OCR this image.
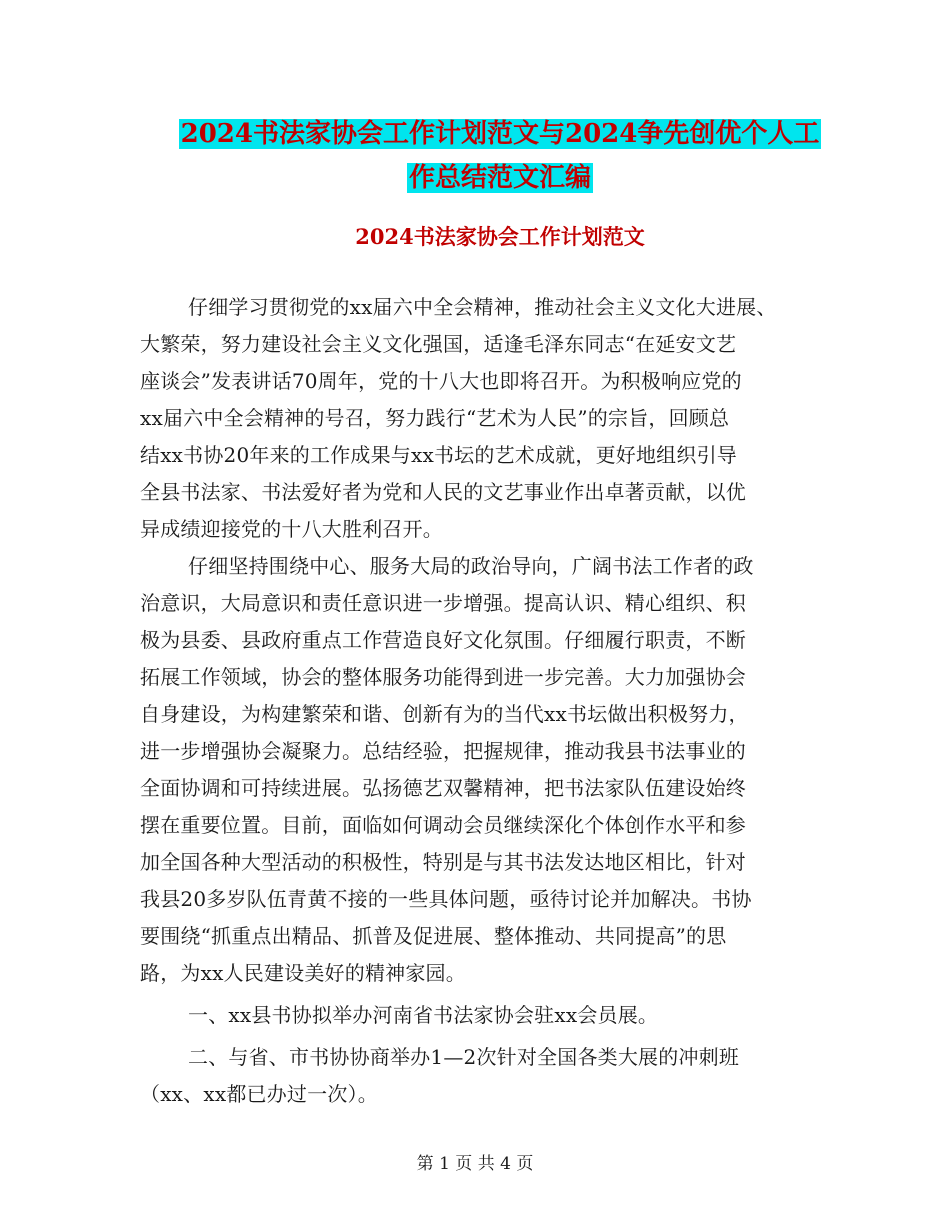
2024书法家协会工作计划范文与2024争先创优个人工
作总结范文汇编
2024书法家协会工作计划范文
仔细学习贯彻党的xx届六中全会精神，推动社会主义文化大进展、
大繁荣，努力建设社会主义文化强国，适逢毛泽东同志“在延安文艺
座谈会”发表讲话70周年，党的十八大也即将召开。为积极响应党的
xx届六中全会精神的号召，努力践行“艺术为人民”的宗旨，回顾总
结xx书协20年来的工作成果与xx书坛的艺术成就，更好地组织引导
全县书法家、书法爱好者为党和人民的文艺事业作出卓著贡献，以优
异成绩迎接党的十八大胜利召开。
仔细坚持围绕中心、服务大局的政治导向，广阔书法工作者的政
治意识，大局意识和责任意识进一步增强。提高认识、精心组织、积
极为县委、县政府重点工作营造良好文化氛围。仔细履行职责，不断
拓展工作领域，协会的整体服务功能得到进一步完善。大力加强协会
自身建设，为构建繁荣和谐、创新有为的当代xx书坛做出积极努力，
进一步增强协会凝聚力。总结经验，把握规律，推动我县书法事业的
全面协调和可持续进展。弘扬德艺双馨精神，把书法家队伍建设始终
摆在重要位置。目前，面临如何调动会员继续深化个体创作水平和参
加全国各种大型活动的积极性，特别是与其书法发达地区相比，针对
我县20多岁队伍青黄不接的一些具体问题，亟待讨论并加解决。书协
要围绕“抓重点出精品、抓普及促进展、整体推动、共同提高”的思
路，为xx人民建设美好的精神家园。
一、xx县书协拟举办河南省书法家协会驻xx会员展。
二、与省、市书协协商举办1—2次针对全国各类大展的冲刺班
（xx、xx都已办过一次）。
第 1 页 共 4 页
